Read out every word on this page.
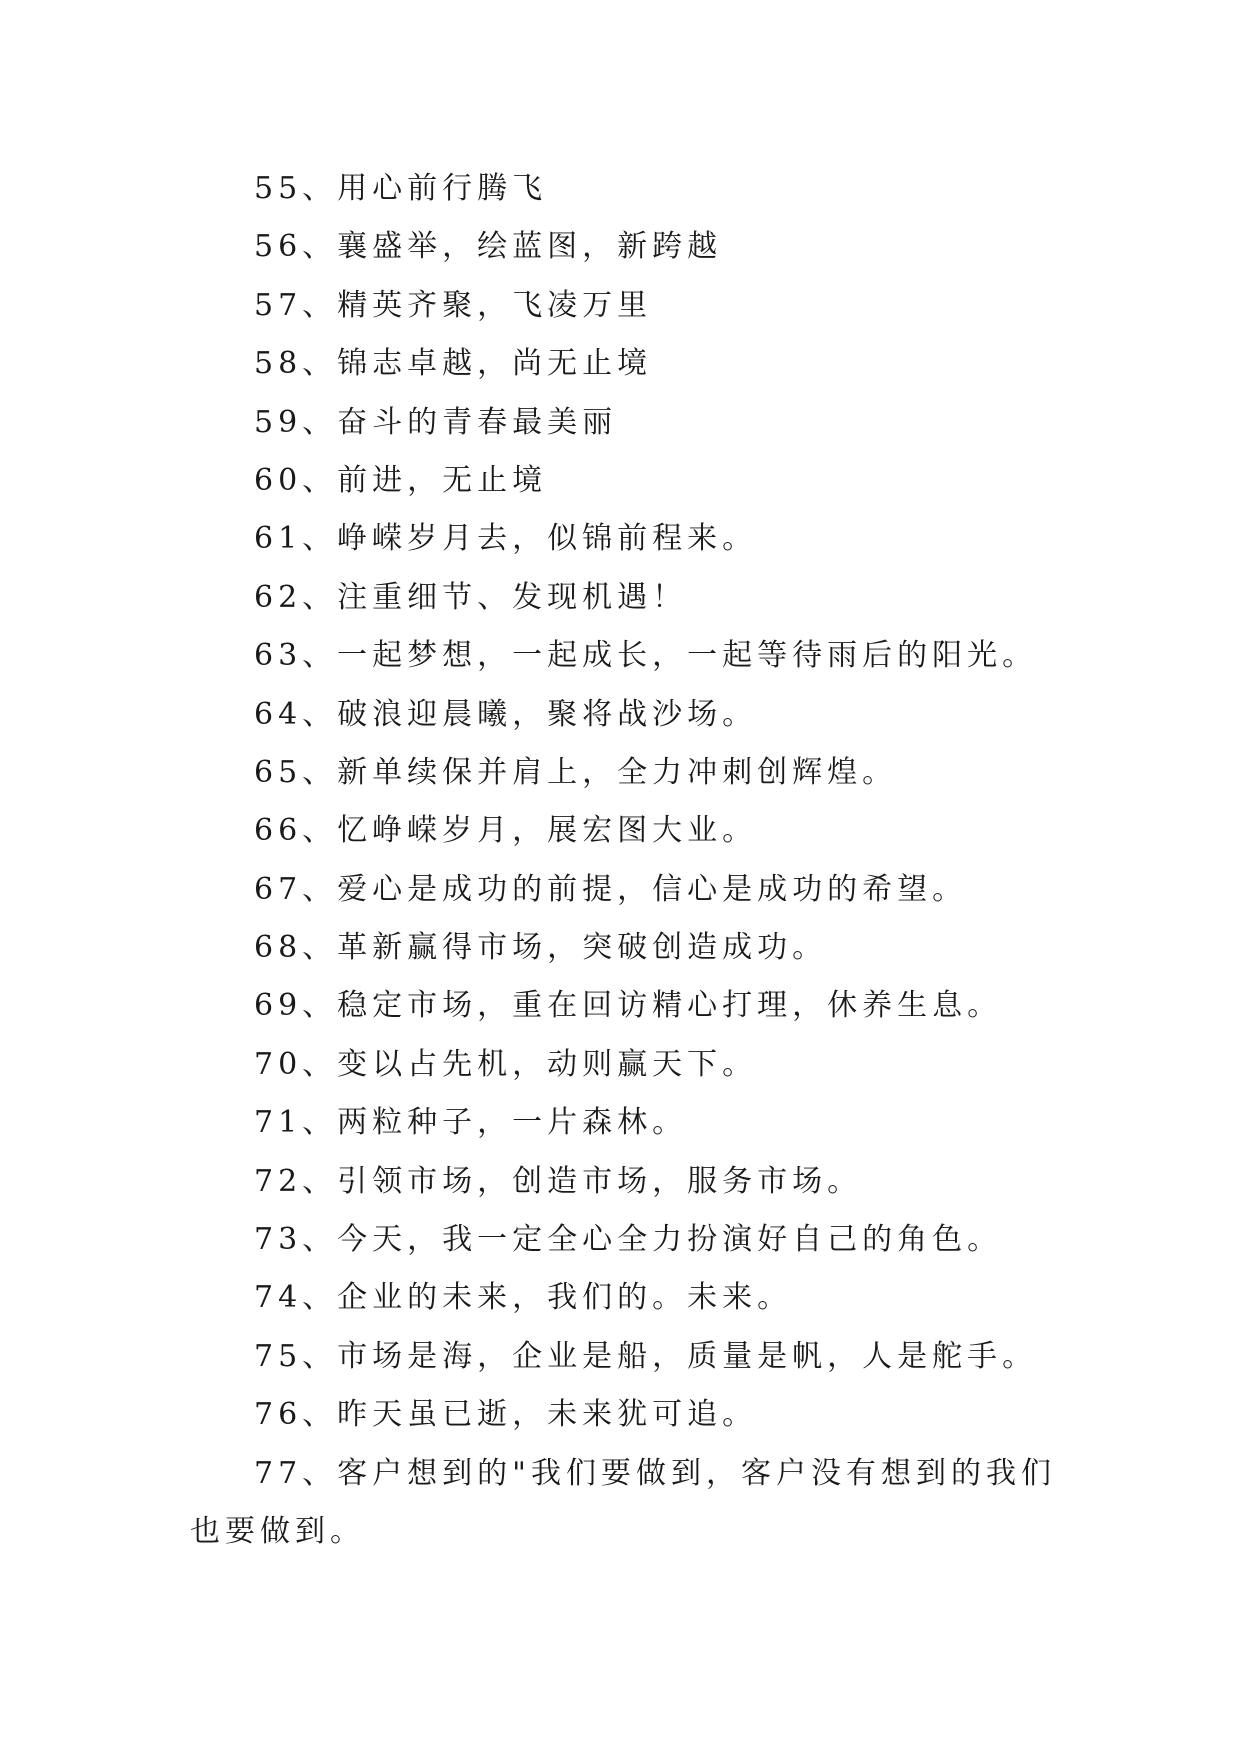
55、用心前行腾飞
56、襄盛举，绘蓝图，新跨越
57、精英齐聚，飞凌万里
58、锦志卓越，尚无止境
59、奋斗的青春最美丽
60、前进，无止境
61、峥嵘岁月去，似锦前程来。
62、注重细节、发现机遇！
63、一起梦想，一起成长，一起等待雨后的阳光。
64、破浪迎晨曦，聚将战沙场。
65、新单续保并肩上，全力冲刺创辉煌。
66、忆峥嵘岁月，展宏图大业。
67、爱心是成功的前提，信心是成功的希望。
68、革新赢得市场，突破创造成功。
69、稳定市场，重在回访精心打理，休养生息。
70、变以占先机，动则赢天下。
71、两粒种子，一片森林。
72、引领市场，创造市场，服务市场。
73、今天，我一定全心全力扮演好自己的角色。
74、企业的未来，我们的。未来。
75、市场是海，企业是船，质量是帆，人是舵手。
76、昨天虽已逝，未来犹可追。
77、客户想到的"我们要做到，客户没有想到的我们也要做到。
